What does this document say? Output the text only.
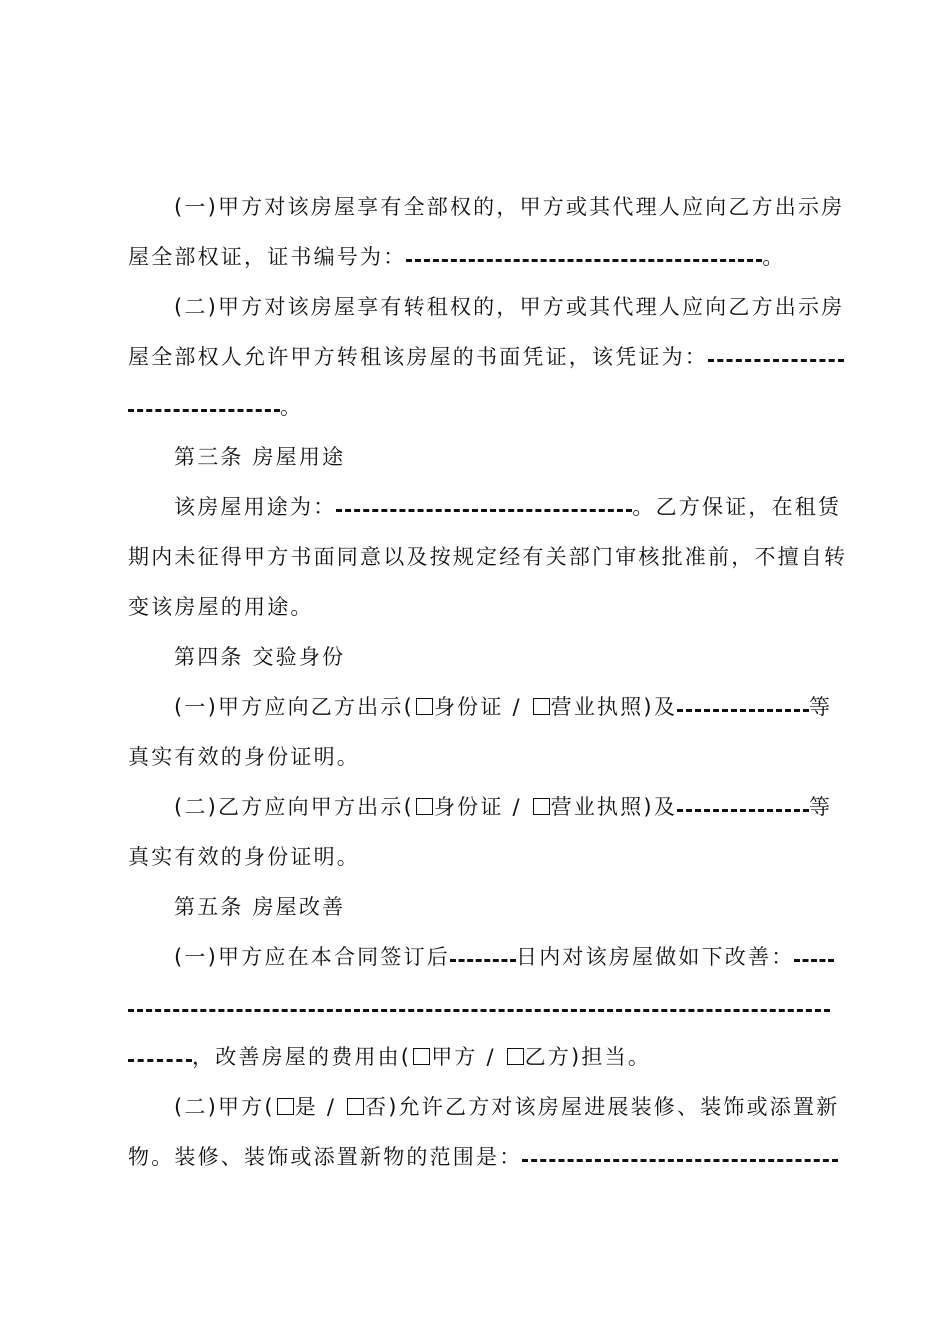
(一)甲方对该房屋享有全部权的，甲方或其代理人应向乙方出示房
屋全部权证，证书编号为：	。
(二)甲方对该房屋享有转租权的，甲方或其代理人应向乙方出示房
屋全部权人允许甲方转租该房屋的书面凭证，该凭证为：
。
第三条 房屋用途
该房屋用途为：	。乙方保证，在租赁
期内未征得甲方书面同意以及按规定经有关部门审核批准前，不擅自转
变该房屋的用途。
第四条 交验身份
(一)甲方应向乙方出示( 身份证 / 营业执照)及	等
真实有效的身份证明。
(二)乙方应向甲方出示( 身份证 / 营业执照)及	等
真实有效的身份证明。
第五条 房屋改善
(一)甲方应在本合同签订后	日内对该房屋做如下改善：
，改善房屋的费用由( 甲方 / 乙方)担当。
(二)甲方( 是 / 否)允许乙方对该房屋进展装修、装饰或添置新
物。装修、装饰或添置新物的范围是：
